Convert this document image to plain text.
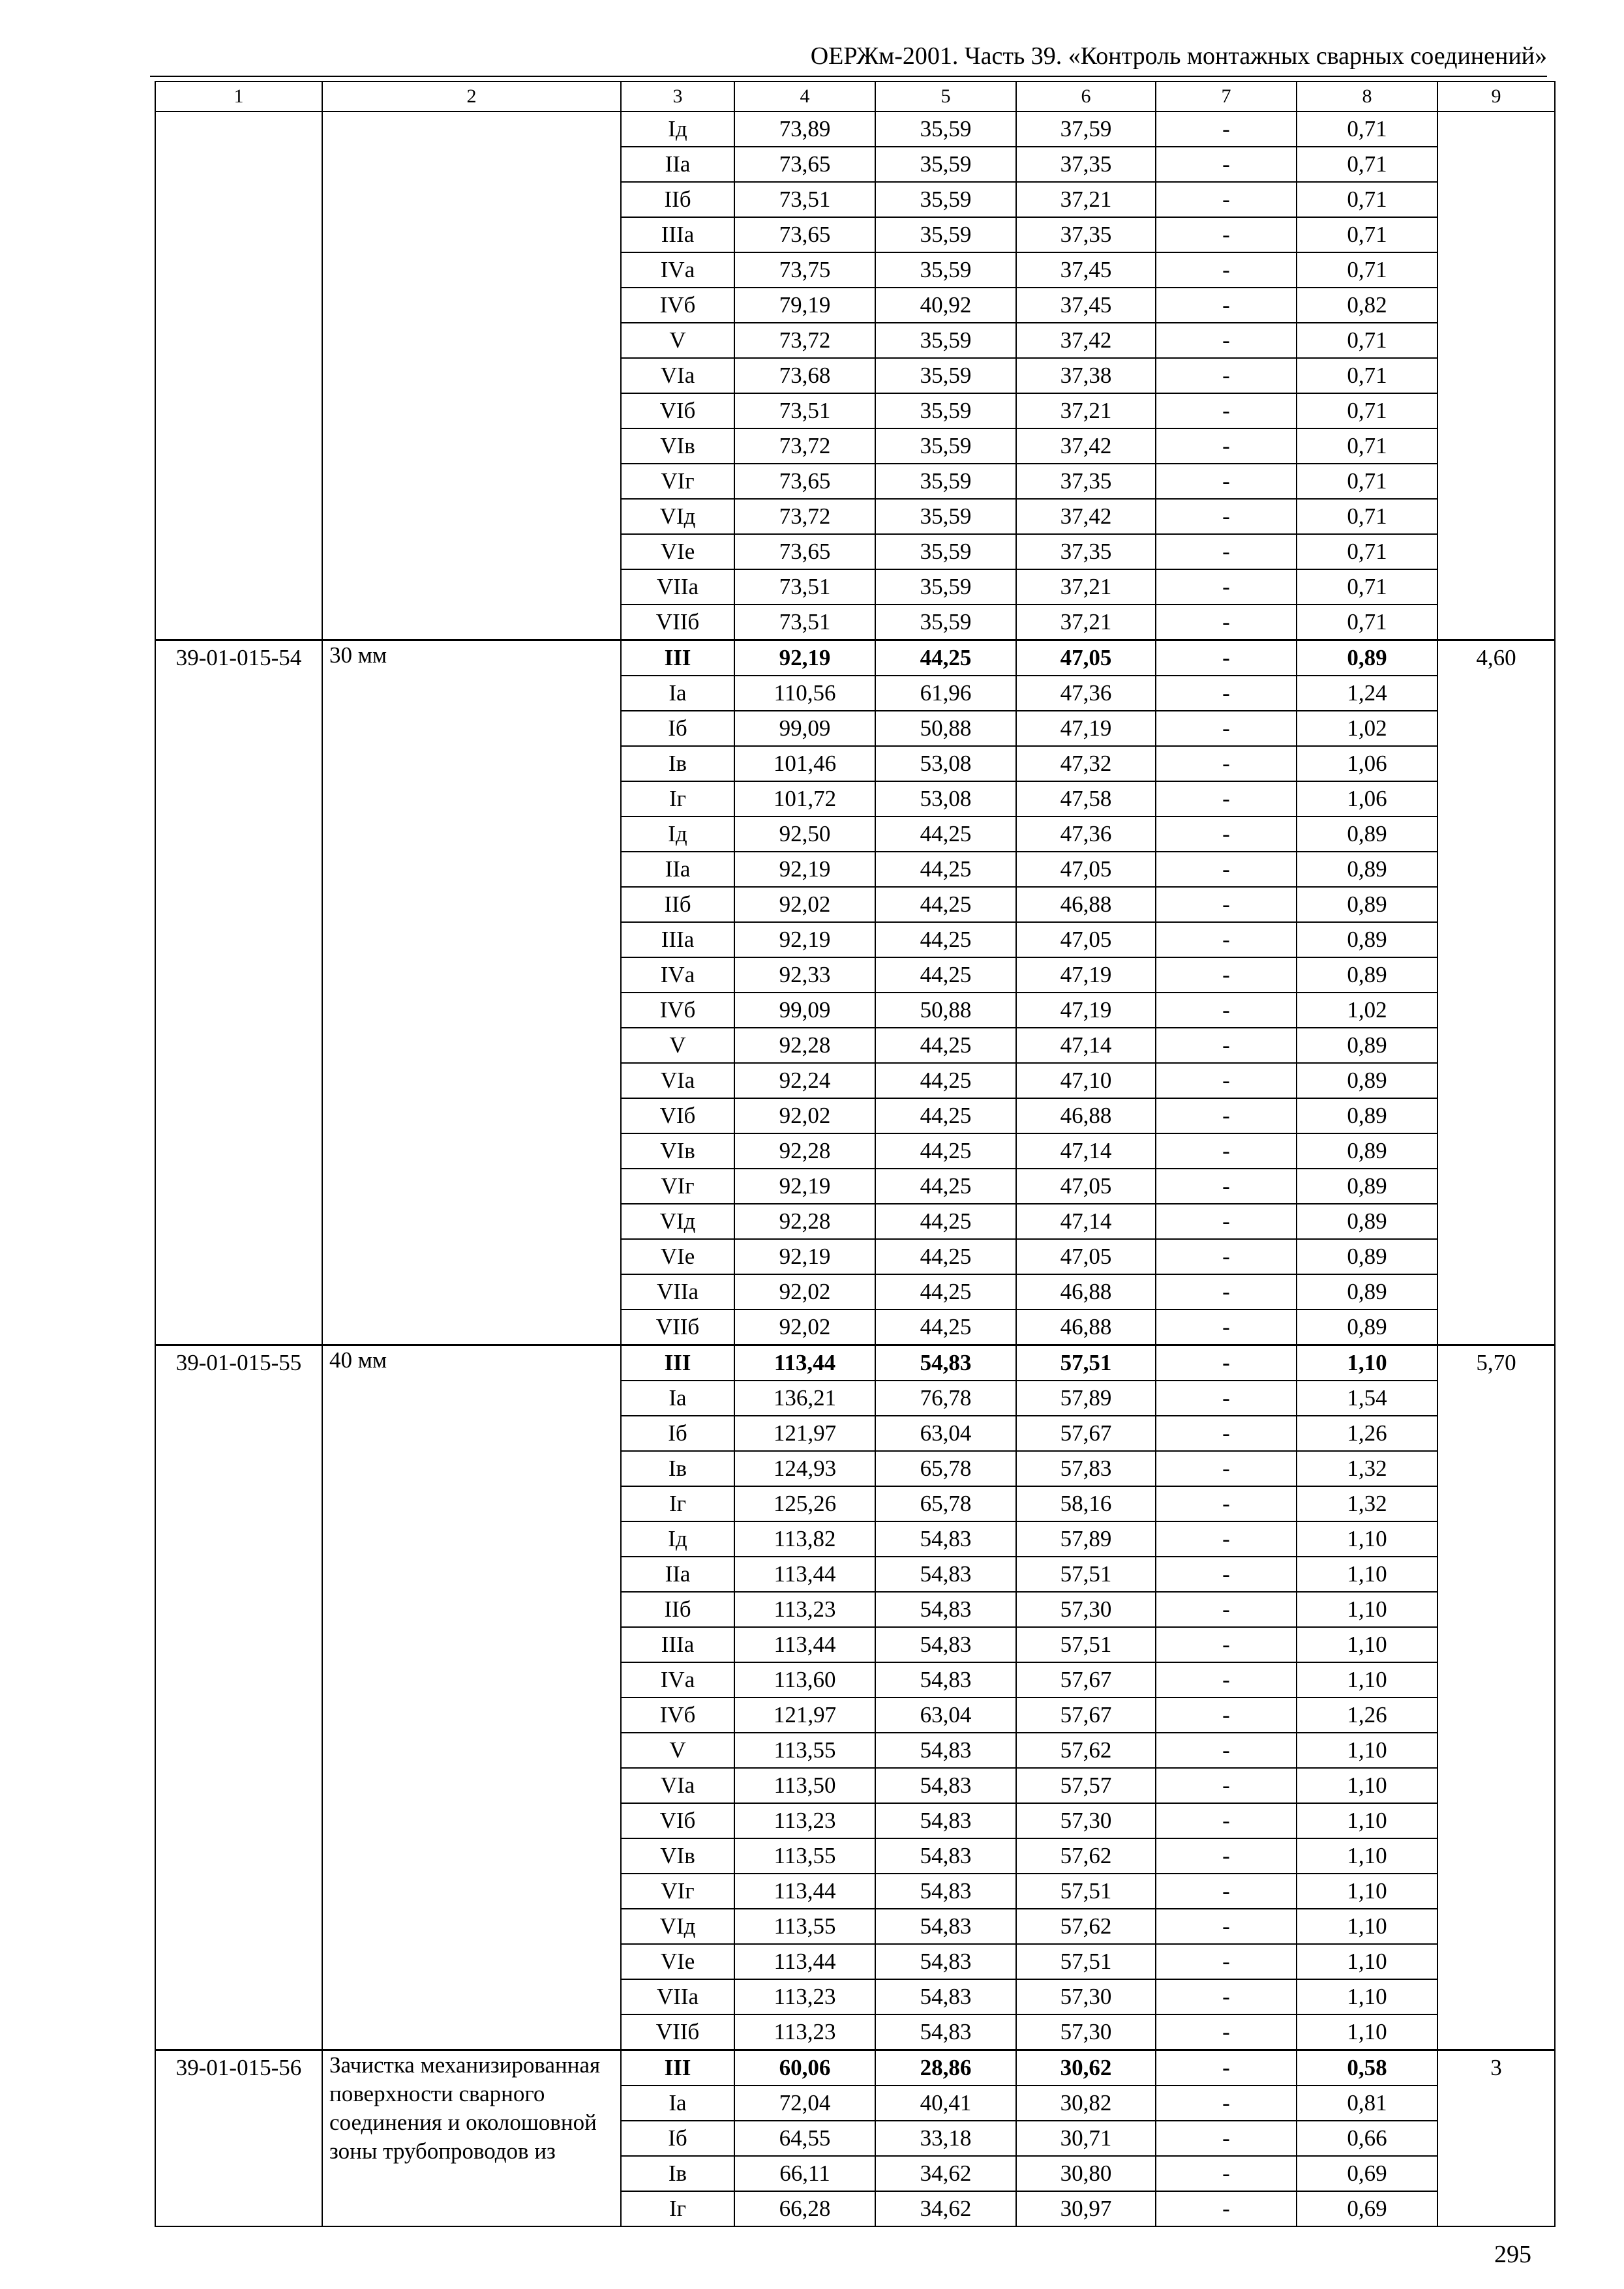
ОЕРЖм-2001. Часть 39. «Контроль монтажных сварных соединений»
1	2	3	4	5	6	7	8	9
		Iд	73,89	35,59	37,59	-	0,71	
		IIа	73,65	35,59	37,35	-	0,71	
		IIб	73,51	35,59	37,21	-	0,71	
		IIIа	73,65	35,59	37,35	-	0,71	
		IVа	73,75	35,59	37,45	-	0,71	
		IVб	79,19	40,92	37,45	-	0,82	
		V	73,72	35,59	37,42	-	0,71	
		VIа	73,68	35,59	37,38	-	0,71	
		VIб	73,51	35,59	37,21	-	0,71	
		VIв	73,72	35,59	37,42	-	0,71	
		VIг	73,65	35,59	37,35	-	0,71	
		VIд	73,72	35,59	37,42	-	0,71	
		VIе	73,65	35,59	37,35	-	0,71	
		VIIа	73,51	35,59	37,21	-	0,71	
		VIIб	73,51	35,59	37,21	-	0,71	
39-01-015-54	30 мм	III	92,19	44,25	47,05	-	0,89	4,60
		Iа	110,56	61,96	47,36	-	1,24	
		Iб	99,09	50,88	47,19	-	1,02	
		Iв	101,46	53,08	47,32	-	1,06	
		Iг	101,72	53,08	47,58	-	1,06	
		Iд	92,50	44,25	47,36	-	0,89	
		IIа	92,19	44,25	47,05	-	0,89	
		IIб	92,02	44,25	46,88	-	0,89	
		IIIа	92,19	44,25	47,05	-	0,89	
		IVа	92,33	44,25	47,19	-	0,89	
		IVб	99,09	50,88	47,19	-	1,02	
		V	92,28	44,25	47,14	-	0,89	
		VIа	92,24	44,25	47,10	-	0,89	
		VIб	92,02	44,25	46,88	-	0,89	
		VIв	92,28	44,25	47,14	-	0,89	
		VIг	92,19	44,25	47,05	-	0,89	
		VIд	92,28	44,25	47,14	-	0,89	
		VIе	92,19	44,25	47,05	-	0,89	
		VIIа	92,02	44,25	46,88	-	0,89	
		VIIб	92,02	44,25	46,88	-	0,89	
39-01-015-55	40 мм	III	113,44	54,83	57,51	-	1,10	5,70
		Iа	136,21	76,78	57,89	-	1,54	
		Iб	121,97	63,04	57,67	-	1,26	
		Iв	124,93	65,78	57,83	-	1,32	
		Iг	125,26	65,78	58,16	-	1,32	
		Iд	113,82	54,83	57,89	-	1,10	
		IIа	113,44	54,83	57,51	-	1,10	
		IIб	113,23	54,83	57,30	-	1,10	
		IIIа	113,44	54,83	57,51	-	1,10	
		IVа	113,60	54,83	57,67	-	1,10	
		IVб	121,97	63,04	57,67	-	1,26	
		V	113,55	54,83	57,62	-	1,10	
		VIа	113,50	54,83	57,57	-	1,10	
		VIб	113,23	54,83	57,30	-	1,10	
		VIв	113,55	54,83	57,62	-	1,10	
		VIг	113,44	54,83	57,51	-	1,10	
		VIд	113,55	54,83	57,62	-	1,10	
		VIе	113,44	54,83	57,51	-	1,10	
		VIIа	113,23	54,83	57,30	-	1,10	
		VIIб	113,23	54,83	57,30	-	1,10	
39-01-015-56	Зачистка механизированная поверхности сварного соединения и околошовной зоны трубопроводов из	III	60,06	28,86	30,62	-	0,58	3
		Iа	72,04	40,41	30,82	-	0,81	
		Iб	64,55	33,18	30,71	-	0,66	
		Iв	66,11	34,62	30,80	-	0,69	
		Iг	66,28	34,62	30,97	-	0,69	
295
